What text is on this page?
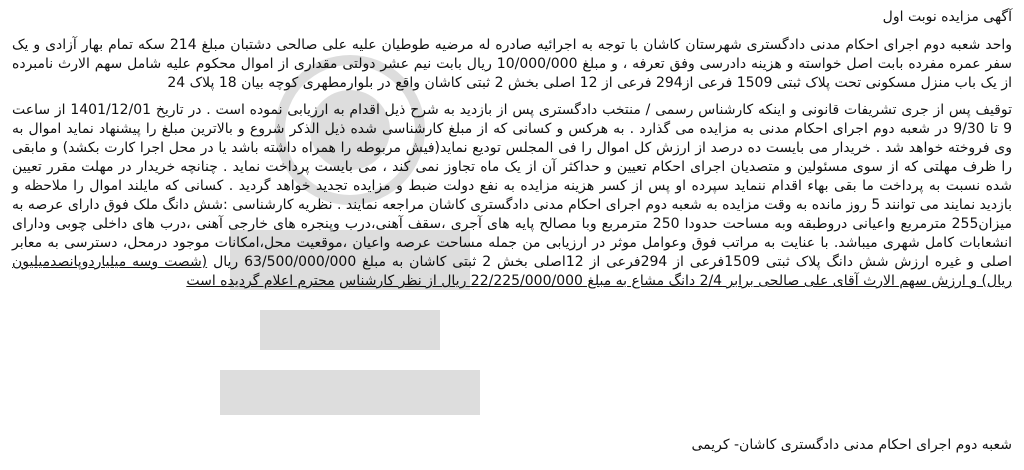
آگهی مزایده نوبت اول
واحد شعبه دوم اجرای احکام مدنی دادگستری شهرستان کاشان با توجه به اجرائیه صادره له مرضیه طوطیان علیه علی صالحی دشتبان مبلغ 214 سکه تمام بهار آزادی و یک سفر عمره مفرده بابت اصل خواسته و هزینه دادرسی وفق تعرفه ، و مبلغ 10/000/000 ریال بابت نیم عشر دولتی مقداری از اموال محکوم علیه شامل سهم الارث نامبرده از یک باب منزل مسکونی تحت پلاک ثبتی 1509 فرعی از294 فرعی از 12 اصلی بخش 2 ثبتی کاشان واقع در بلوارمطهری کوچه بیان 18 پلاک 24
توقیف پس از جری تشریفات قانونی و اینکه کارشناس رسمی / منتخب دادگستری پس از بازدید به شرح ذیل اقدام به ارزیابی نموده است . در تاریخ 1401/12/01 از ساعت 9 تا 9/30 در شعبه دوم اجرای احکام مدنی به مزایده می گذارد . به هرکس و کسانی که از مبلغ کارشناسی شده ذیل الذکر شروع و بالاترین مبلغ را پیشنهاد نماید اموال به وی فروخته خواهد شد . خریدار می بایست ده درصد از ارزش کل اموال را فی المجلس تودیع نماید(فیش مربوطه را همراه داشته باشد یا در محل اجرا کارت بکشد) و مابقی را ظرف مهلتی که از سوی مسئولین و متصدیان اجرای احکام تعیین و حداکثر آن از یک ماه تجاوز نمی کند ، می بایست پرداخت نماید . چنانچه خریدار در مهلت مقرر تعیین شده نسبت به پرداخت ما بقی بهاء اقدام ننماید سپرده او پس از کسر هزینه مزایده به نفع دولت ضبط و مزایده تجدید خواهد گردید . کسانی که مایلند اموال را ملاحظه و بازدید نمایند می توانند 5 روز مانده به وقت مزایده به شعبه دوم اجرای احکام مدنی دادگستری کاشان مراجعه نمایند . نظریه کارشناسی :شش دانگ ملک فوق دارای عرصه به میزان255 مترمربع واعیانی درو‌طبقه وبه مساحت حدودا 250 مترمربع وبا مصالح پایه های آجری ،سقف آهنی،درب وپنجره های خارجی آهنی ،درب های داخلی چوبی ودارای انشعابات کامل شهری میباشد. با عنایت به مراتب فوق وعوامل موثر در ارزیابی من جمله مساحت عرصه واعیان ،موقعیت محل،امکانات موجود درمحل، دسترسی به معابر اصلی و غیره ارزش شش دانگ پلاک ثبتی 1509فرعی از 294فرعی از 12اصلی بخش 2 ثبتی کاشان به مبلغ 63/500/000/000 ریال (شصت وسه میلیاردوپانصدمیلیون ریال) و ارزش سهم الارث آقای علی صالحی برابر 2/4 دانگ مشاع به مبلغ 22/225/000/000 ریال از نظر کارشناس محترم اعلام گردیده است
شعبه دوم اجرای احکام مدنی دادگستری کاشان- کریمی
